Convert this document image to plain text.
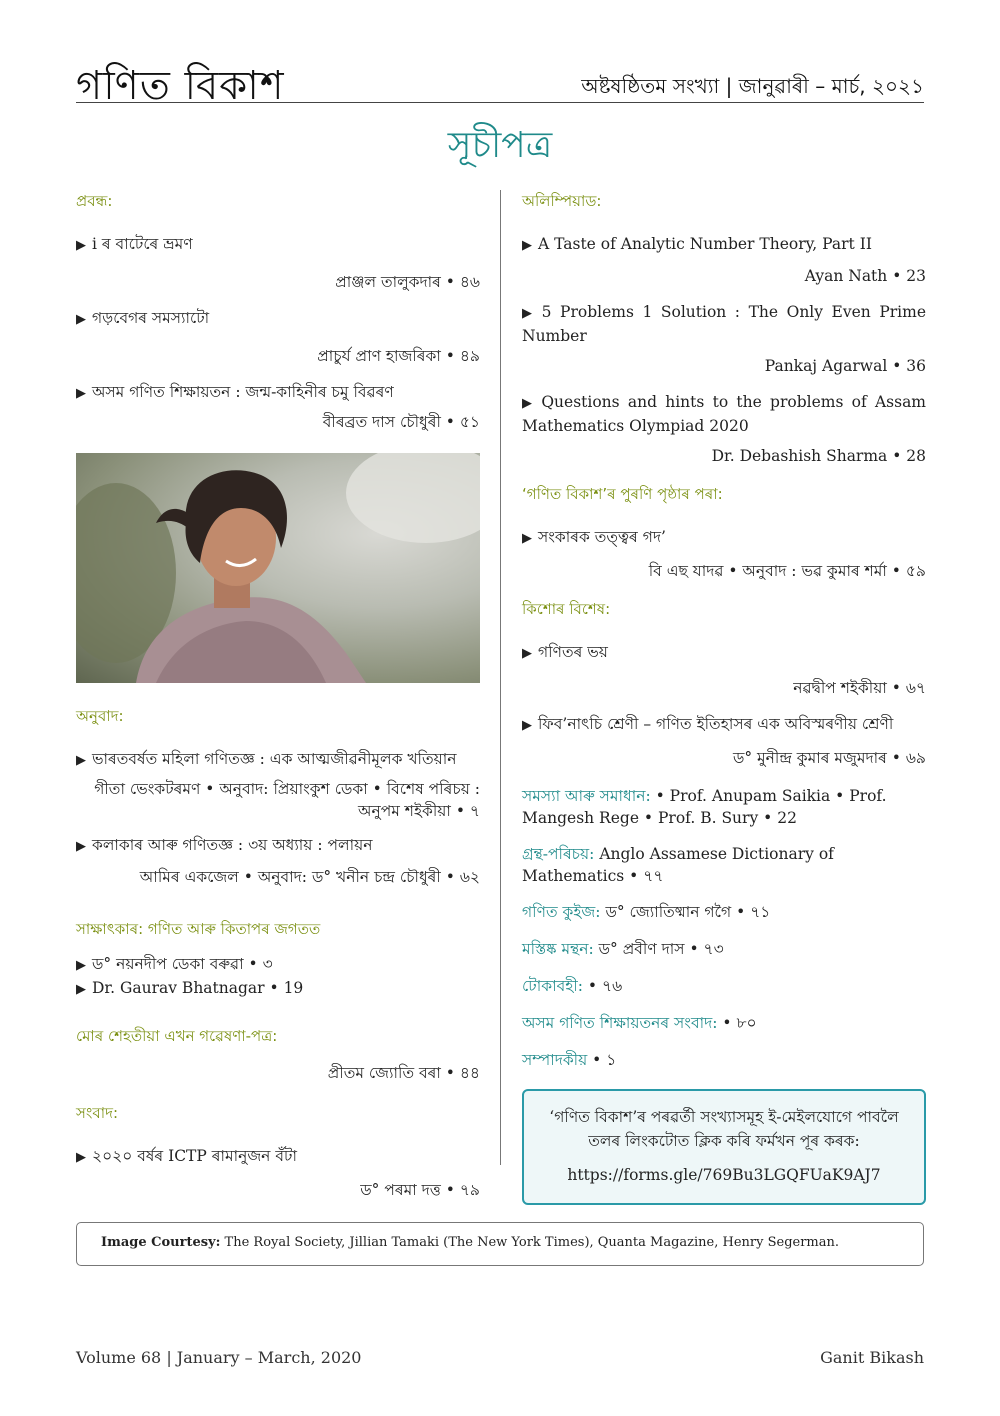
গণিত বিকাশ	অষ্টষষ্ঠিতম সংখ্যা | জানুৱাৰী – মাৰ্চ, ২০২১
সূচীপত্ৰ
প্ৰবন্ধ:
▶ i ৰ বাটেৰে ভ্ৰমণ
প্ৰাঞ্জল তালুকদাৰ • ৪৬
▶ গড়বেগৰ সমস্যাটো
প্ৰাচুৰ্য প্ৰাণ হাজৰিকা • ৪৯
▶ অসম গণিত শিক্ষায়তন : জন্ম-কাহিনীৰ চমু বিৱৰণ
বীৰব্ৰত দাস চৌধুৰী • ৫১
অনুবাদ:
▶ ভাৰতবৰ্ষত মহিলা গণিতজ্ঞ : এক আত্মজীৱনীমূলক খতিয়ান
গীতা ভেংকটৰমণ • অনুবাদ: প্ৰিয়াংকুশ ডেকা • বিশেষ পৰিচয় : অনুপম শইকীয়া • ৭
▶ কলাকাৰ আৰু গণিতজ্ঞ : ৩য় অধ্যায় : পলায়ন
আমিৰ একজেল • অনুবাদ: ড° খনীন চন্দ্ৰ চৌধুৰী • ৬২
সাক্ষাৎকাৰ: গণিত আৰু কিতাপৰ জগতত
▶ ড° নয়নদীপ ডেকা বৰুৱা • ৩
▶ Dr. Gaurav Bhatnagar • 19
মোৰ শেহতীয়া এখন গৱেষণা-পত্ৰ:
প্ৰীতম জ্যোতি বৰা • ৪৪
সংবাদ:
▶ ২০২০ বৰ্ষৰ ICTP ৰামানুজন বঁটা
ড° পৰমা দত্ত • ৭৯
অলিম্পিয়াড:
▶ A Taste of Analytic Number Theory, Part II
Ayan Nath • 23
▶ 5 Problems 1 Solution : The Only Even Prime Number
Pankaj Agarwal • 36
▶ Questions and hints to the problems of Assam Mathematics Olympiad 2020
Dr. Debashish Sharma • 28
‘গণিত বিকাশ’ৰ পুৰণি পৃষ্ঠাৰ পৰা:
▶ সংকাৰক তত্ত্বৰ গদ’
বি এছ যাদৱ • অনুবাদ : ভৱ কুমাৰ শৰ্মা • ৫৯
কিশোৰ বিশেষ:
▶ গণিতৰ ভয়
নৱদ্বীপ শইকীয়া • ৬৭
▶ ফিব’নাৎচি শ্ৰেণী – গণিত ইতিহাসৰ এক অবিস্মৰণীয় শ্ৰেণী
ড° মুনীন্দ্ৰ কুমাৰ মজুমদাৰ • ৬৯
সমস্যা আৰু সমাধান: • Prof. Anupam Saikia • Prof. Mangesh Rege • Prof. B. Sury • 22
গ্ৰন্থ-পৰিচয়: Anglo Assamese Dictionary of Mathematics • ৭৭
গণিত কুইজ: ড° জ্যোতিষ্মান গগৈ • ৭১
মস্তিষ্ক মন্থন: ড° প্ৰবীণ দাস • ৭৩
টোকাবহী: • ৭৬
অসম গণিত শিক্ষায়তনৰ সংবাদ: • ৮০
সম্পাদকীয় • ১
‘গণিত বিকাশ’ৰ পৰৱৰ্তী সংখ্যাসমূহ ই-মেইলযোগে পাবলৈ তলৰ লিংকটোত ক্লিক কৰি ফৰ্মখন পূৰ কৰক:
https://forms.gle/769Bu3LGQFUaK9AJ7
Image Courtesy: The Royal Society, Jillian Tamaki (The New York Times), Quanta Magazine, Henry Segerman.
Volume 68 | January – March, 2020	Ganit Bikash
